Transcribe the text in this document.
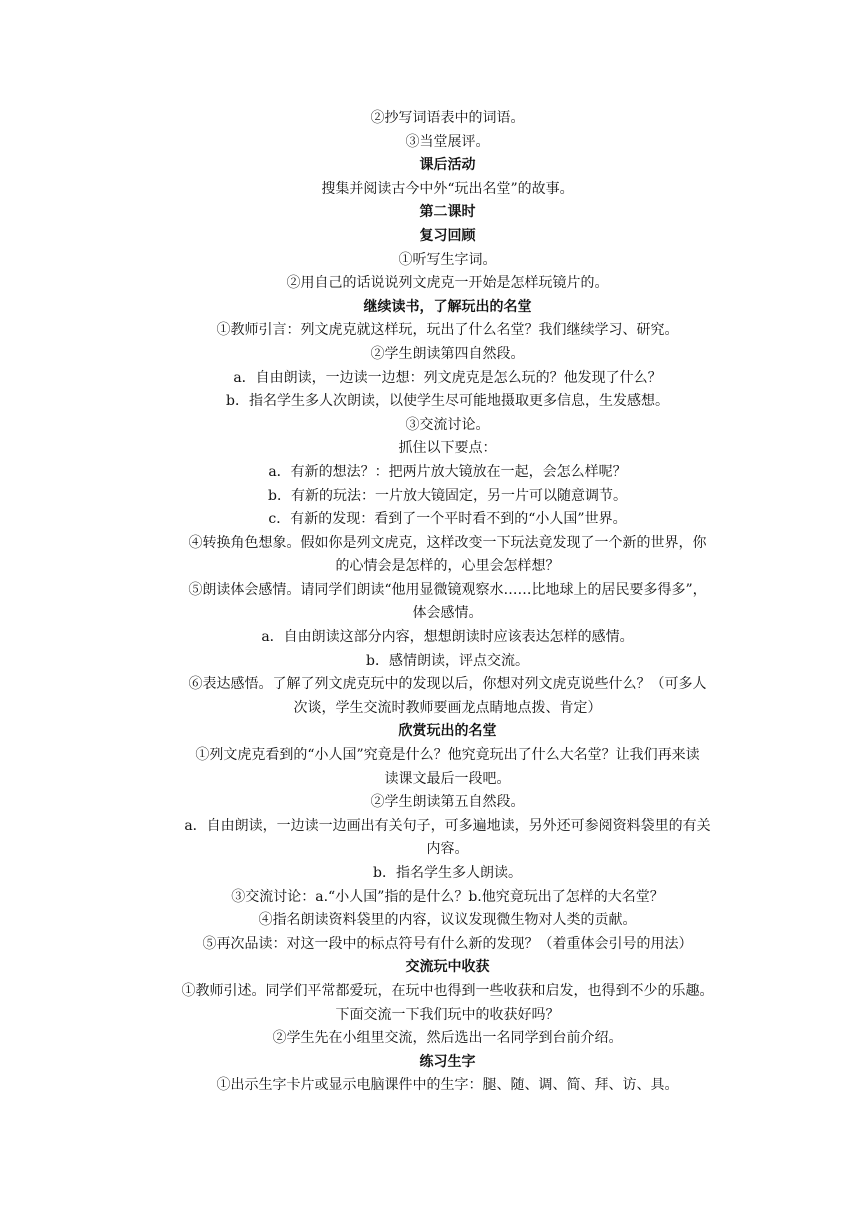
②抄写词语表中的词语。

③当堂展评。

课后活动

搜集并阅读古今中外“玩出名堂”的故事。

第二课时

复习回顾

①听写生字词。

②用自己的话说说列文虎克一开始是怎样玩镜片的。

继续读书，了解玩出的名堂

①教师引言：列文虎克就这样玩，玩出了什么名堂？我们继续学习、研究。

②学生朗读第四自然段。

a．自由朗读，一边读一边想：列文虎克是怎么玩的？他发现了什么？

b．指名学生多人次朗读，以使学生尽可能地摄取更多信息，生发感想。

③交流讨论。

抓住以下要点：

a．有新的想法？：把两片放大镜放在一起，会怎么样呢？

b．有新的玩法：一片放大镜固定，另一片可以随意调节。

c．有新的发现：看到了一个平时看不到的“小人国”世界。

④转换角色想象。假如你是列文虎克，这样改变一下玩法竟发现了一个新的世界，你

的心情会是怎样的，心里会怎样想？

⑤朗读体会感情。请同学们朗读“他用显微镜观察水……比地球上的居民要多得多”，

体会感情。

a．自由朗读这部分内容，想想朗读时应该表达怎样的感情。

b．感情朗读，评点交流。

⑥表达感悟。了解了列文虎克玩中的发现以后，你想对列文虎克说些什么？（可多人

次谈，学生交流时教师要画龙点睛地点拨、肯定）

欣赏玩出的名堂

①列文虎克看到的“小人国”究竟是什么？他究竟玩出了什么大名堂？让我们再来读

读课文最后一段吧。

②学生朗读第五自然段。

a．自由朗读，一边读一边画出有关句子，可多遍地读，另外还可参阅资料袋里的有关

内容。

b．指名学生多人朗读。

③交流讨论：a.“小人国”指的是什么？b.他究竟玩出了怎样的大名堂？

④指名朗读资料袋里的内容，议议发现微生物对人类的贡献。

⑤再次品读：对这一段中的标点符号有什么新的发现？（着重体会引号的用法）

交流玩中收获

①教师引述。同学们平常都爱玩，在玩中也得到一些收获和启发，也得到不少的乐趣。

下面交流一下我们玩中的收获好吗？

②学生先在小组里交流，然后选出一名同学到台前介绍。

练习生字

①出示生字卡片或显示电脑课件中的生字：腿、随、调、简、拜、访、具。
